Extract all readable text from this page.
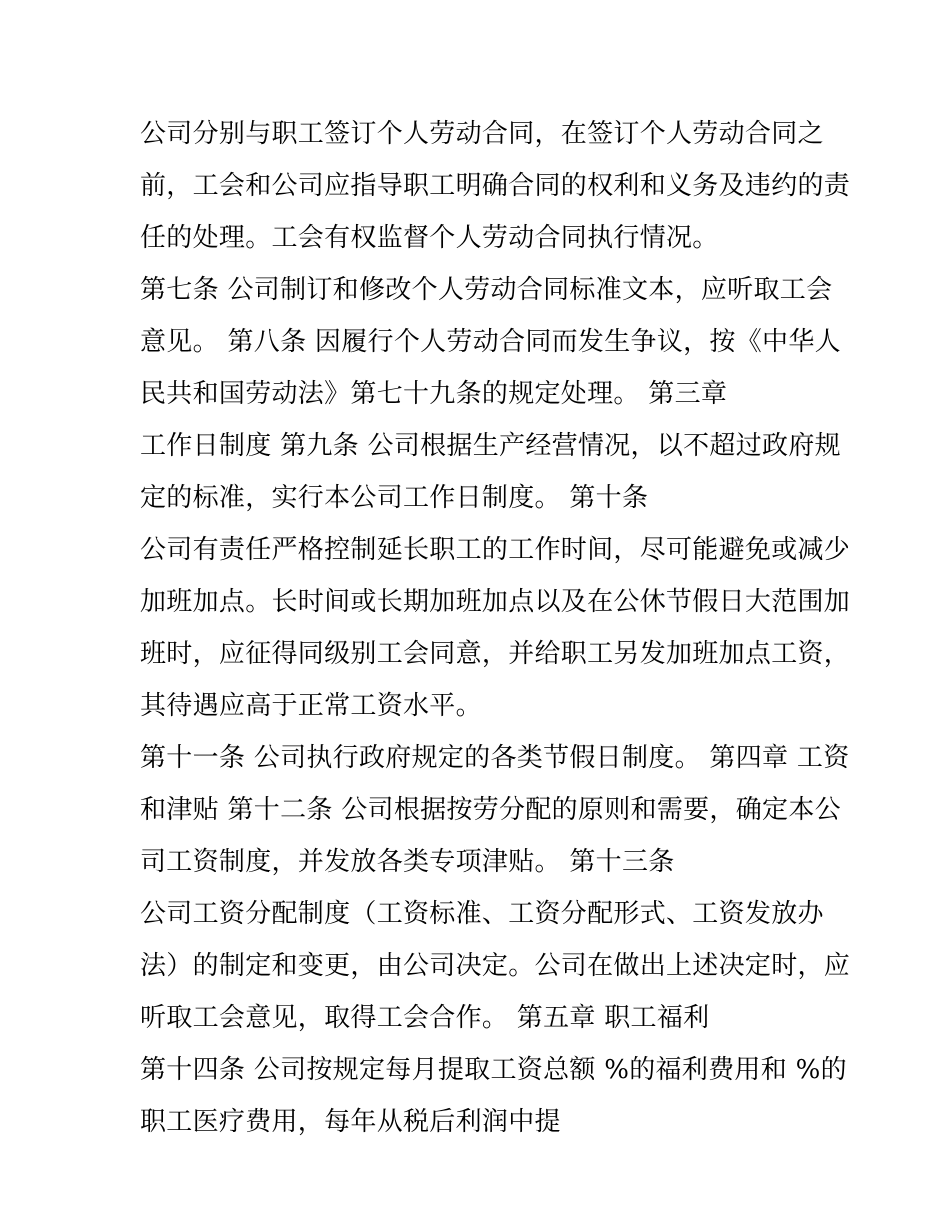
公司分别与职工签订个人劳动合同，在签订个人劳动合同之
前，工会和公司应指导职工明确合同的权利和义务及违约的责
任的处理。工会有权监督个人劳动合同执行情况。
第七条 公司制订和修改个人劳动合同标准文本，应听取工会
意见。 第八条 因履行个人劳动合同而发生争议，按《中华人
民共和国劳动法》第七十九条的规定处理。 第三章
工作日制度 第九条 公司根据生产经营情况，以不超过政府规
定的标准，实行本公司工作日制度。 第十条
公司有责任严格控制延长职工的工作时间，尽可能避免或减少
加班加点。长时间或长期加班加点以及在公休节假日大范围加
班时，应征得同级别工会同意，并给职工另发加班加点工资，
其待遇应高于正常工资水平。
第十一条 公司执行政府规定的各类节假日制度。 第四章 工资
和津贴 第十二条 公司根据按劳分配的原则和需要，确定本公
司工资制度，并发放各类专项津贴。 第十三条
公司工资分配制度（工资标准、工资分配形式、工资发放办
法）的制定和变更，由公司决定。公司在做出上述决定时，应
听取工会意见，取得工会合作。 第五章 职工福利
第十四条 公司按规定每月提取工资总额 %的福利费用和 %的
职工医疗费用，每年从税后利润中提
